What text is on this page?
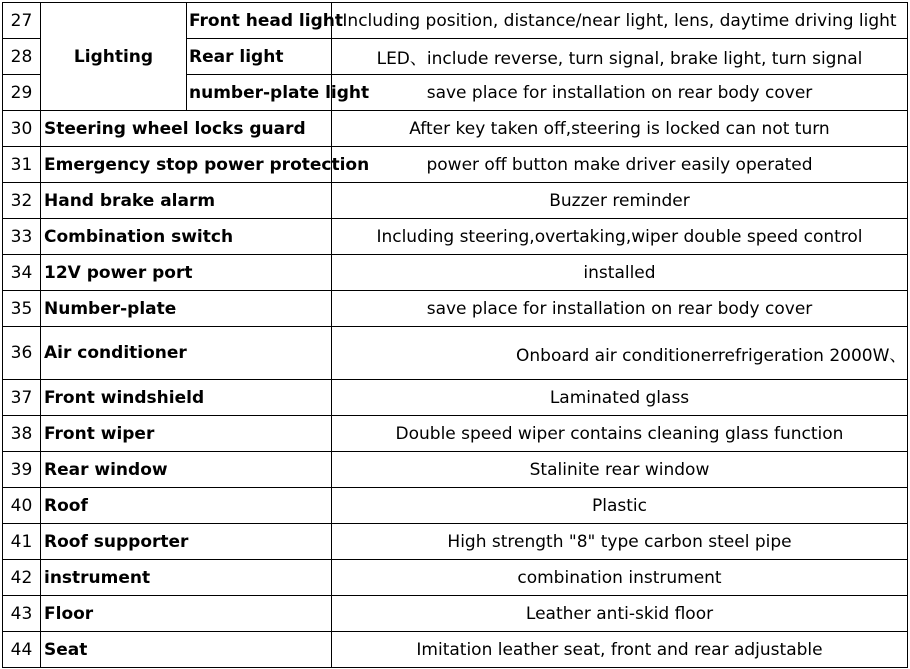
27	Lighting	Front head light	Including position, distance/near light, lens, daytime driving light
28		Rear light	LED、include reverse, turn signal, brake light, turn signal
29		number-plate light	save place for installation on rear body cover
30	Steering wheel locks guard		After key taken off,steering is locked can not turn
31	Emergency stop power protection		power off button make driver easily operated
32	Hand brake alarm		Buzzer reminder
33	Combination switch		Including steering,overtaking,wiper double speed control
34	12V power port		installed
35	Number-plate		save place for installation on rear body cover
36	Air conditioner		Onboard air conditionerrefrigeration 2000W、
37	Front windshield		Laminated glass
38	Front wiper		Double speed wiper contains cleaning glass function
39	Rear window		Stalinite rear window
40	Roof		Plastic
41	Roof supporter		High strength "8" type carbon steel pipe
42	instrument		combination instrument
43	Floor		Leather anti-skid floor
44	Seat		Imitation leather seat, front and rear adjustable
